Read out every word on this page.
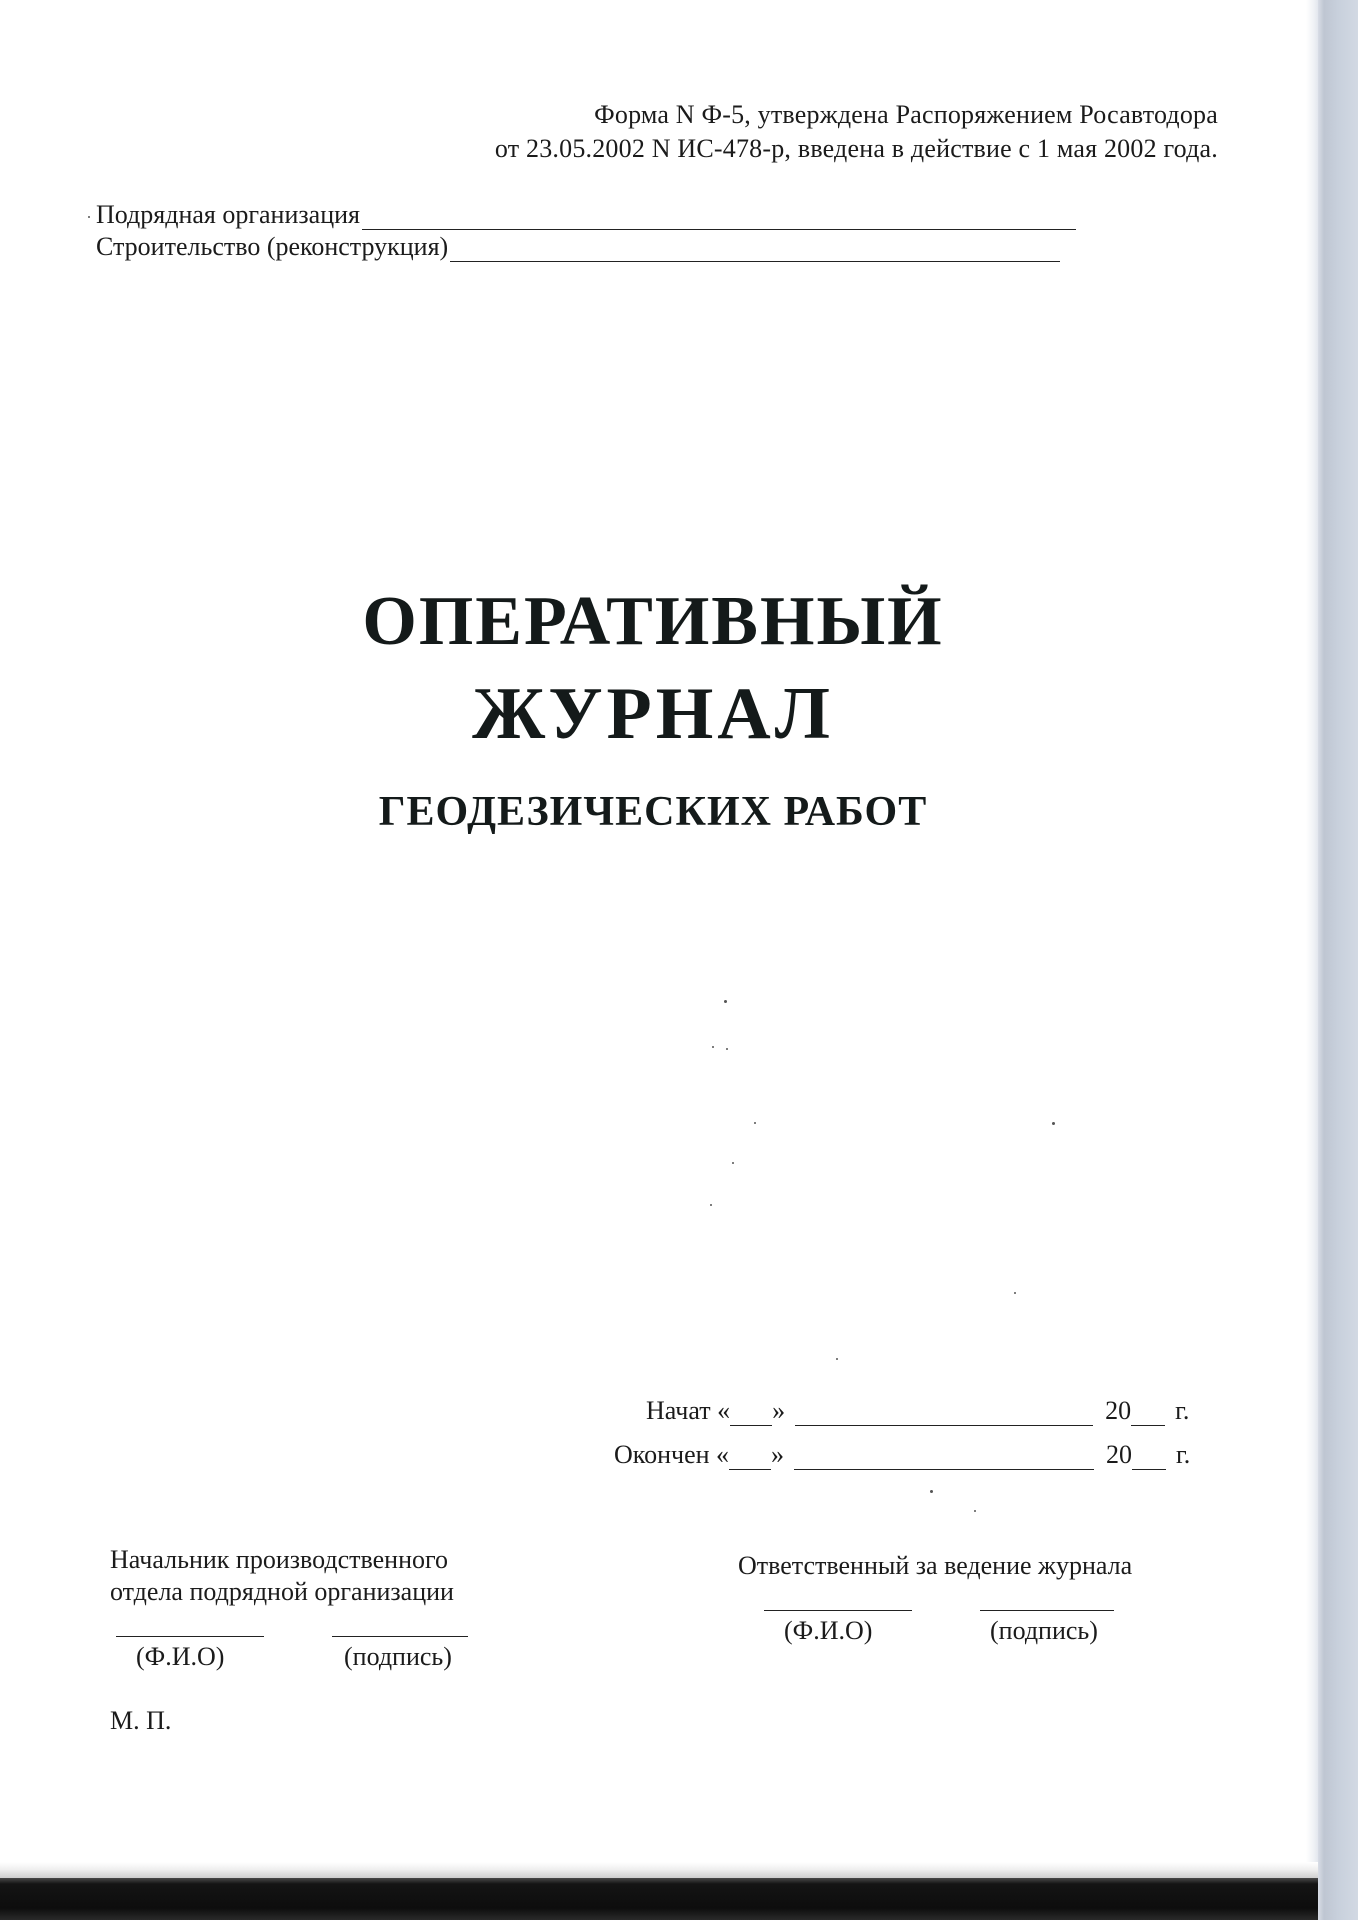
Форма N Ф-5, утверждена Распоряжением Росавтодора
от 23.05.2002 N ИС-478-р, введена в действие с 1 мая 2002 года.
Подрядная организация
Строительство (реконструкция)
ОПЕРАТИВНЫЙ
ЖУРНАЛ
ГЕОДЕЗИЧЕСКИХ РАБОТ
Начат « »	20 г.
Окончен « »	20 г.
Начальник производственного
отдела подрядной организации
(Ф.И.О)	(подпись)
М. П.
Ответственный за ведение журнала
(Ф.И.О)	(подпись)
